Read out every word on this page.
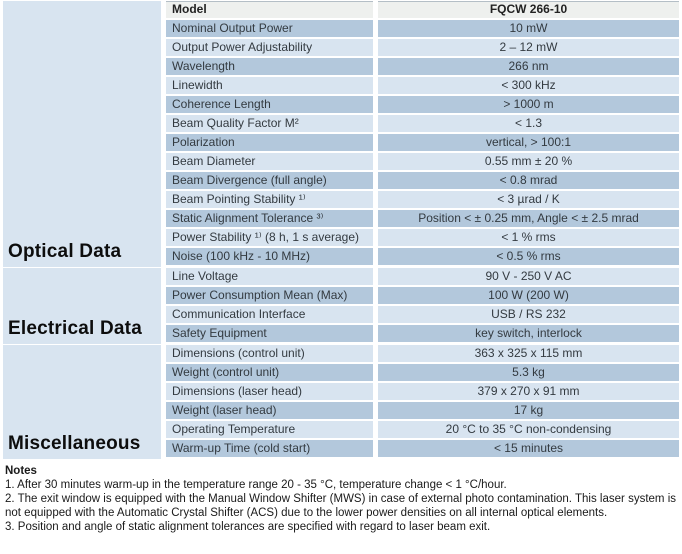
Optical Data
Model	FQCW 266-10
Nominal Output Power	10 mW
Output Power Adjustability	2 – 12 mW
Wavelength	266 nm
Linewidth	< 300 kHz
Coherence Length	> 1000 m
Beam Quality Factor M²	< 1.3
Polarization	vertical, > 100:1
Beam Diameter	0.55 mm ± 20 %
Beam Divergence (full angle)	< 0.8 mrad
Beam Pointing Stability ¹⁾	< 3 µrad / K
Static Alignment Tolerance ³⁾	Position < ± 0.25 mm, Angle < ± 2.5 mrad
Power Stability ¹⁾ (8 h, 1 s average)	< 1 % rms
Noise (100 kHz - 10 MHz)	< 0.5 % rms
Electrical Data
Line Voltage	90 V - 250 V AC
Power Consumption Mean (Max)	100 W (200 W)
Communication Interface	USB / RS 232
Safety Equipment	key switch, interlock
Miscellaneous
Dimensions (control unit)	363 x 325 x 115 mm
Weight (control unit)	5.3 kg
Dimensions (laser head)	379 x 270 x 91 mm
Weight (laser head)	17 kg
Operating Temperature	20 °C to 35 °C non-condensing
Warm-up Time (cold start)	< 15 minutes
Notes
1. After 30 minutes warm-up in the temperature range 20 - 35 °C, temperature change < 1 °C/hour.
2. The exit window is equipped with the Manual Window Shifter (MWS) in case of external photo contamination. This laser system is not equipped with the Automatic Crystal Shifter (ACS) due to the lower power densities on all internal optical elements.
3. Position and angle of static alignment tolerances are specified with regard to laser beam exit.
